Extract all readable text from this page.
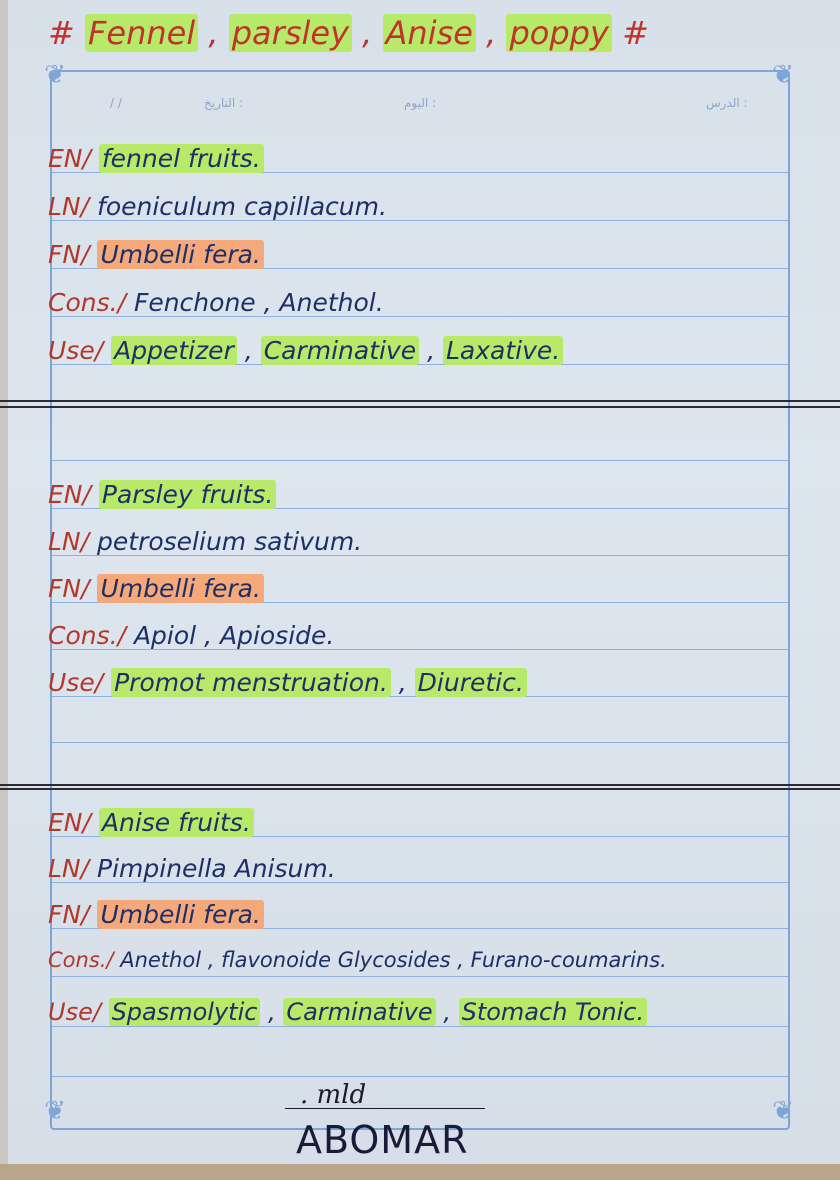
❦	❦
❦	❦
/ /	التاريخ :	اليوم :	الدرس :
# Fennel , parsley , Anise , poppy #
EN/ fennel fruits.
LN/ foeniculum capillacum.
FN/ Umbelli fera.
Cons./ Fenchone , Anethol.
Use/ Appetizer , Carminative , Laxative.
EN/ Parsley fruits.
LN/ petroselium sativum.
FN/ Umbelli fera.
Cons./ Apiol , Apioside.
Use/ Promot menstruation. , Diuretic.
EN/ Anise fruits.
LN/ Pimpinella Anisum.
FN/ Umbelli fera.
Cons./ Anethol , flavonoide Glycosides , Furano-coumarins.
Use/ Spasmolytic , Carminative , Stomach Tonic.
. mld
ABOMAR
